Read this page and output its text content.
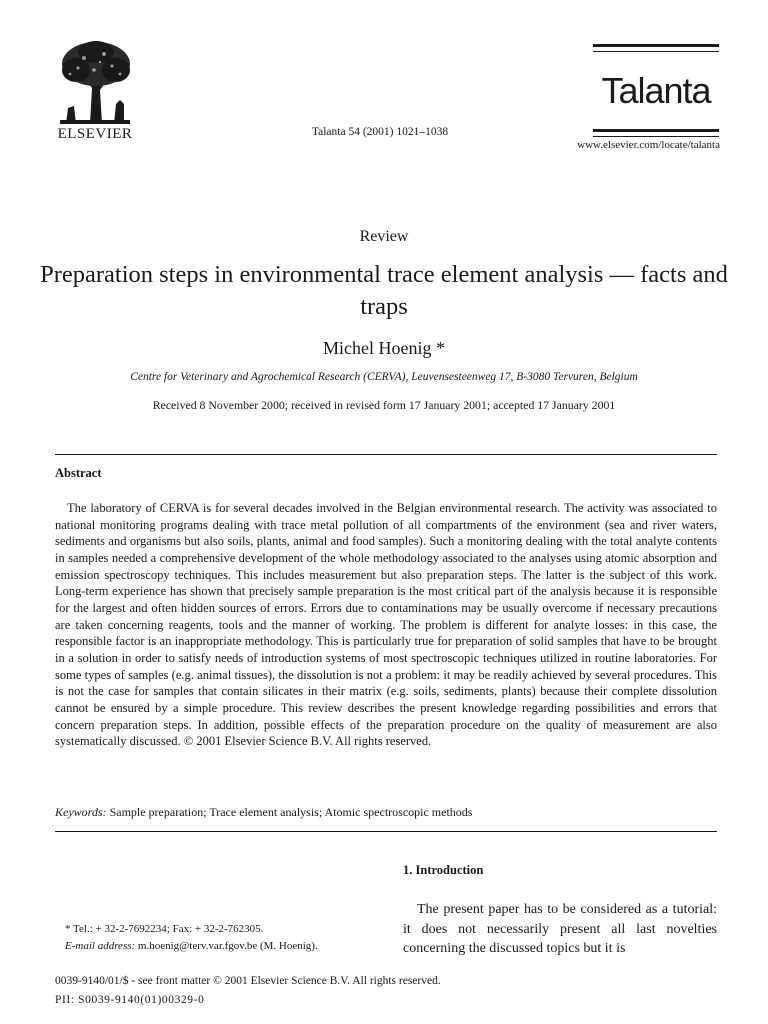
ELSEVIER	Talanta 54 (2001) 1021–1038
Talanta
www.elsevier.com/locate/talanta
Review
Preparation steps in environmental trace element analysis — facts and traps
Michel Hoenig *
Centre for Veterinary and Agrochemical Research (CERVA), Leuvensesteenweg 17, B-3080 Tervuren, Belgium
Received 8 November 2000; received in revised form 17 January 2001; accepted 17 January 2001
Abstract
The laboratory of CERVA is for several decades involved in the Belgian environmental research. The activity was associated to national monitoring programs dealing with trace metal pollution of all compartments of the environment (sea and river waters, sediments and organisms but also soils, plants, animal and food samples). Such a monitoring dealing with the total analyte contents in samples needed a comprehensive development of the whole methodology associated to the analyses using atomic absorption and emission spectroscopy techniques. This includes measurement but also preparation steps. The latter is the subject of this work. Long-term experience has shown that precisely sample preparation is the most critical part of the analysis because it is responsible for the largest and often hidden sources of errors. Errors due to contaminations may be usually overcome if necessary precautions are taken concerning reagents, tools and the manner of working. The problem is different for analyte losses: in this case, the responsible factor is an inappropriate methodology. This is particularly true for preparation of solid samples that have to be brought in a solution in order to satisfy needs of introduction systems of most spectroscopic techniques utilized in routine laboratories. For some types of samples (e.g. animal tissues), the dissolution is not a problem: it may be readily achieved by several procedures. This is not the case for samples that contain silicates in their matrix (e.g. soils, sediments, plants) because their complete dissolution cannot be ensured by a simple procedure. This review describes the present knowledge regarding possibilities and errors that concern preparation steps. In addition, possible effects of the preparation procedure on the quality of measurement are also systematically discussed. © 2001 Elsevier Science B.V. All rights reserved.
Keywords: Sample preparation; Trace element analysis; Atomic spectroscopic methods
1. Introduction
The present paper has to be considered as a tutorial: it does not necessarily present all last novelties concerning the discussed topics but it is
* Tel.: + 32-2-7692234; Fax: + 32-2-762305.
E-mail address: m.hoenig@terv.var.fgov.be (M. Hoenig).
0039-9140/01/$ - see front matter © 2001 Elsevier Science B.V. All rights reserved.
PII: S0039-9140(01)00329-0
